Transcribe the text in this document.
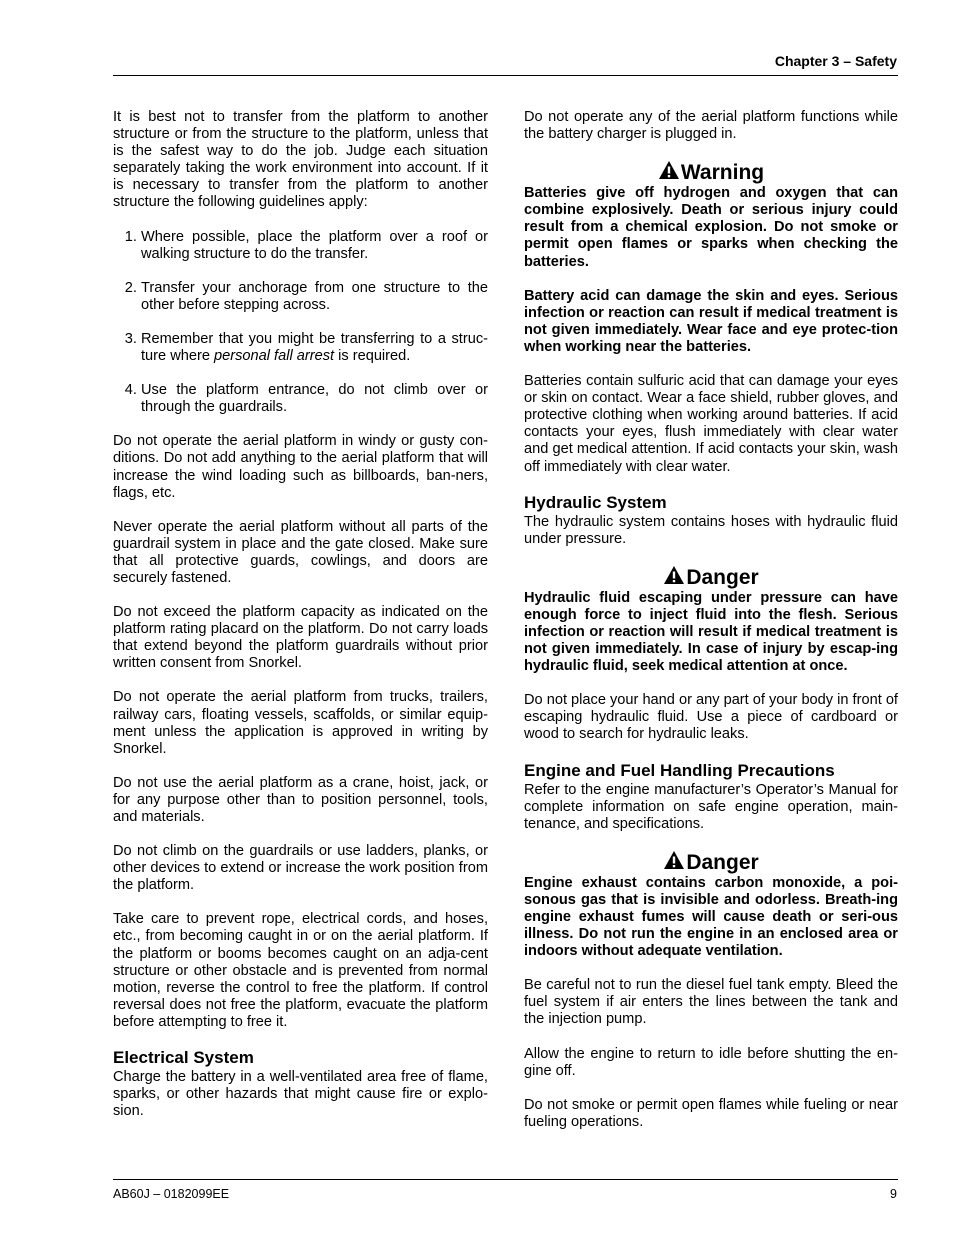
Chapter 3 – Safety

It is best not to transfer from the platform to another structure or from the structure to the platform, unless that is the safest way to do the job. Judge each situation separately taking the work environment into account. If it is necessary to transfer from the platform to another structure the following guidelines apply:

1. Where possible, place the platform over a roof or walking structure to do the transfer.
2. Transfer your anchorage from one structure to the other before stepping across.
3. Remember that you might be transferring to a struc-ture where personal fall arrest is required.
4. Use the platform entrance, do not climb over or through the guardrails.

Do not operate the aerial platform in windy or gusty con-ditions. Do not add anything to the aerial platform that will increase the wind loading such as billboards, ban-ners, flags, etc.

Never operate the aerial platform without all parts of the guardrail system in place and the gate closed. Make sure that all protective guards, cowlings, and doors are securely fastened.

Do not exceed the platform capacity as indicated on the platform rating placard on the platform. Do not carry loads that extend beyond the platform guardrails without prior written consent from Snorkel.

Do not operate the aerial platform from trucks, trailers, railway cars, floating vessels, scaffolds, or similar equip-ment unless the application is approved in writing by Snorkel.

Do not use the aerial platform as a crane, hoist, jack, or for any purpose other than to position personnel, tools, and materials.

Do not climb on the guardrails or use ladders, planks, or other devices to extend or increase the work position from the platform.

Take care to prevent rope, electrical cords, and hoses, etc., from becoming caught in or on the aerial platform. If the platform or booms becomes caught on an adja-cent structure or other obstacle and is prevented from normal motion, reverse the control to free the platform. If control reversal does not free the platform, evacuate the platform before attempting to free it.

Electrical System

Charge the battery in a well-ventilated area free of flame, sparks, or other hazards that might cause fire or explo-sion.

Do not operate any of the aerial platform functions while the battery charger is plugged in.

Warning

Batteries give off hydrogen and oxygen that can combine explosively. Death or serious injury could result from a chemical explosion. Do not smoke or permit open flames or sparks when checking the batteries.

Battery acid can damage the skin and eyes. Serious infection or reaction can result if medical treatment is not given immediately. Wear face and eye protec-tion when working near the batteries.

Batteries contain sulfuric acid that can damage your eyes or skin on contact. Wear a face shield, rubber gloves, and protective clothing when working around batteries. If acid contacts your eyes, flush immediately with clear water and get medical attention. If acid contacts your skin, wash off immediately with clear water.

Hydraulic System

The hydraulic system contains hoses with hydraulic fluid under pressure.

Danger

Hydraulic fluid escaping under pressure can have enough force to inject fluid into the flesh. Serious infection or reaction will result if medical treatment is not given immediately. In case of injury by escap-ing hydraulic fluid, seek medical attention at once.

Do not place your hand or any part of your body in front of escaping hydraulic fluid. Use a piece of cardboard or wood to search for hydraulic leaks.

Engine and Fuel Handling Precautions

Refer to the engine manufacturer’s Operator’s Manual for complete information on safe engine operation, main-tenance, and specifications.

Danger

Engine exhaust contains carbon monoxide, a poi-sonous gas that is invisible and odorless. Breath-ing engine exhaust fumes will cause death or seri-ous illness. Do not run the engine in an enclosed area or indoors without adequate ventilation.

Be careful not to run the diesel fuel tank empty. Bleed the fuel system if air enters the lines between the tank and the injection pump.

Allow the engine to return to idle before shutting the en-gine off.

Do not smoke or permit open flames while fueling or near fueling operations.

AB60J – 0182099EE	9
